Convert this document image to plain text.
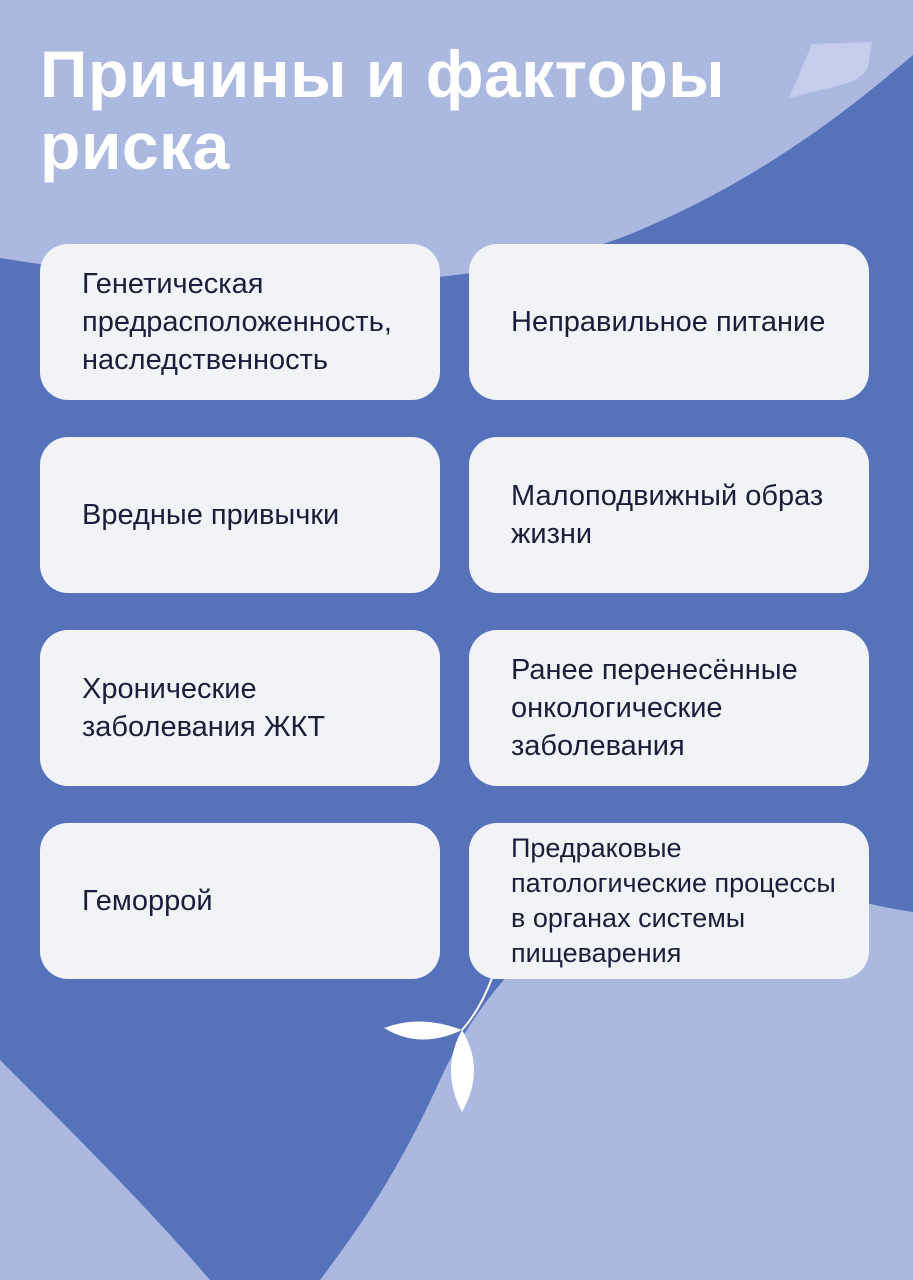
Причины и факторы риска
Генетическая предрасположенность, наследственность
Неправильное питание
Вредные привычки
Малоподвижный образ жизни
Хронические заболевания ЖКТ
Ранее перенесённые онкологические заболевания
Геморрой
Предраковые патологические процессы в органах системы пищеварения
